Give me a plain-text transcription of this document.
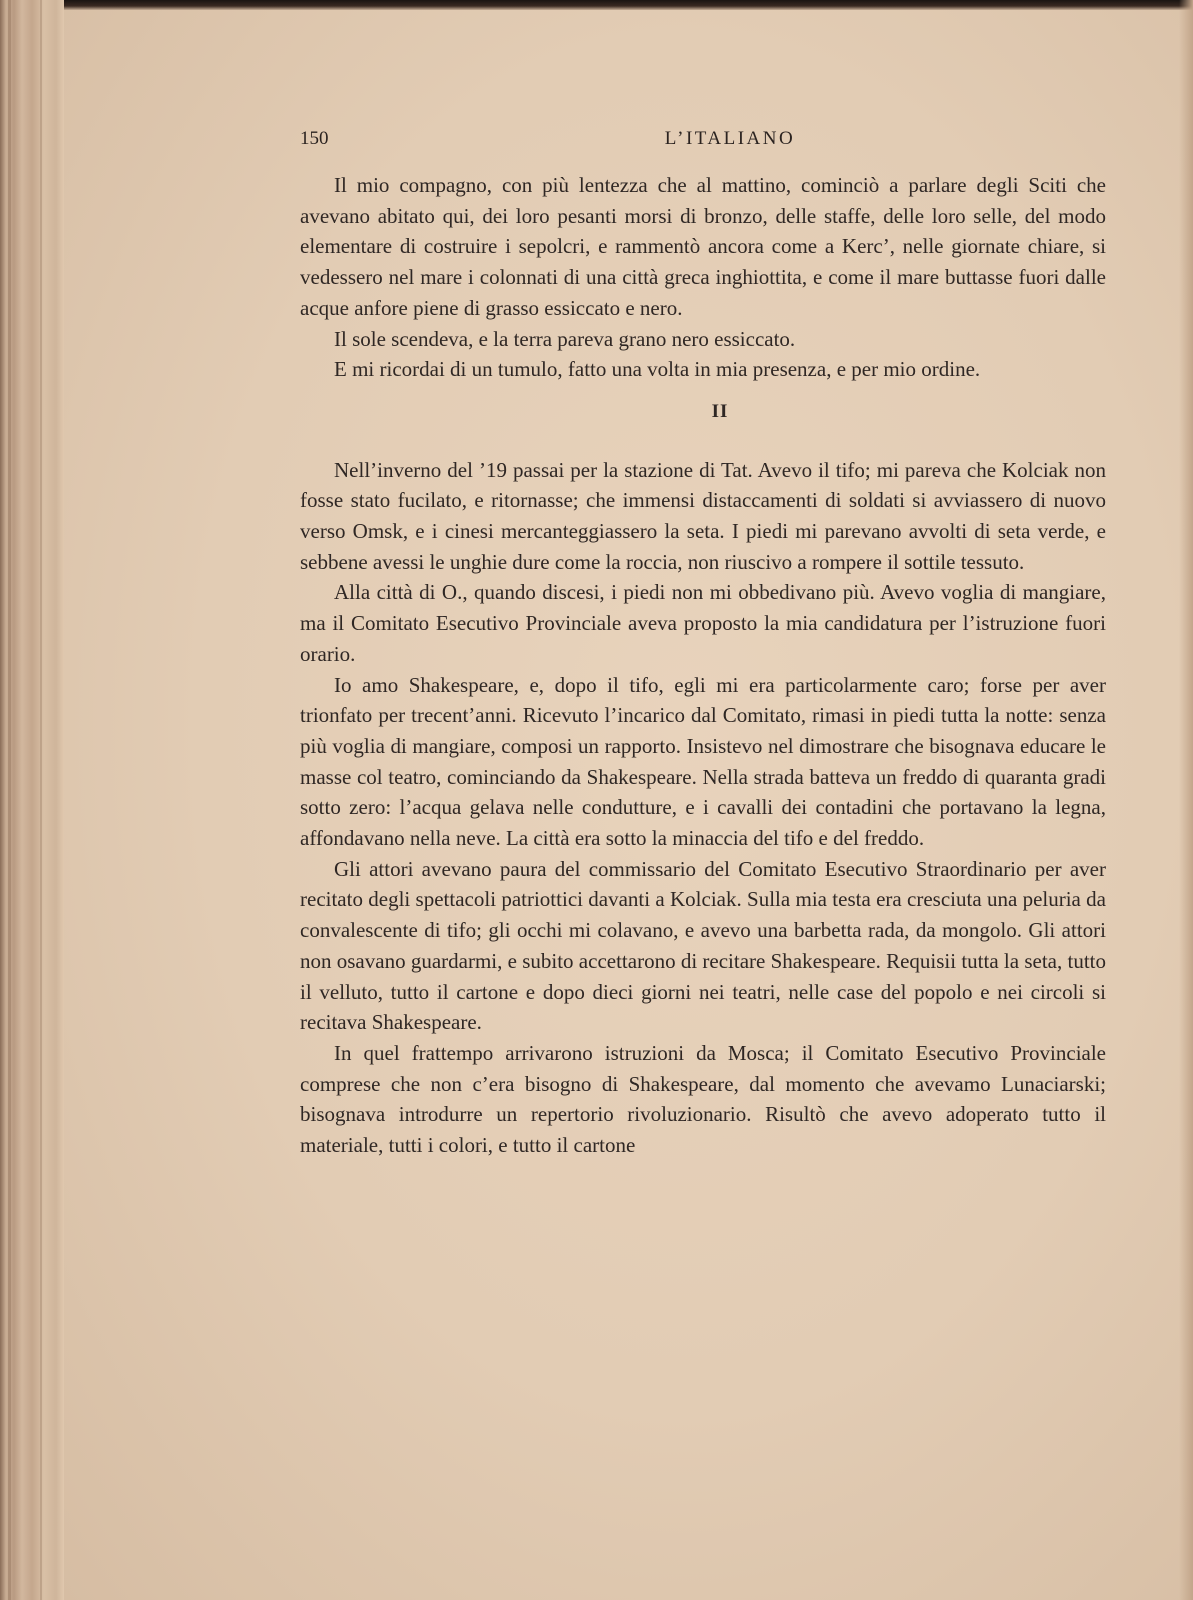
150	L’ITALIANO

Il mio compagno, con più lentezza che al mattino, cominciò a parlare degli Sciti che avevano abitato qui, dei loro pesanti morsi di bronzo, delle staffe, delle loro selle, del modo elementare di costruire i sepolcri, e rammentò ancora come a Kerc’, nelle giornate chiare, si vedessero nel mare i colonnati di una città greca inghiottita, e come il mare buttasse fuori dalle acque anfore piene di grasso essiccato e nero.

Il sole scendeva, e la terra pareva grano nero essiccato.

E mi ricordai di un tumulo, fatto una volta in mia presenza, e per mio ordine.

II

Nell’inverno del ’19 passai per la stazione di Tat. Avevo il tifo; mi pareva che Kolciak non fosse stato fucilato, e ritornasse; che immensi distaccamenti di soldati si avviassero di nuovo verso Omsk, e i cinesi mercanteggiassero la seta. I piedi mi parevano avvolti di seta verde, e sebbene avessi le unghie dure come la roccia, non riuscivo a rompere il sottile tessuto.

Alla città di O., quando discesi, i piedi non mi obbedivano più. Avevo voglia di mangiare, ma il Comitato Esecutivo Provinciale aveva proposto la mia candidatura per l’istruzione fuori orario.

Io amo Shakespeare, e, dopo il tifo, egli mi era particolarmente caro; forse per aver trionfato per trecent’anni. Ricevuto l’incarico dal Comitato, rimasi in piedi tutta la notte: senza più voglia di mangiare, composi un rapporto. Insistevo nel dimostrare che bisognava educare le masse col teatro, cominciando da Shakespeare. Nella strada batteva un freddo di quaranta gradi sotto zero: l’acqua gelava nelle condutture, e i cavalli dei contadini che portavano la legna, affondavano nella neve. La città era sotto la minaccia del tifo e del freddo.

Gli attori avevano paura del commissario del Comitato Esecutivo Straordinario per aver recitato degli spettacoli patriottici davanti a Kolciak. Sulla mia testa era cresciuta una peluria da convalescente di tifo; gli occhi mi colavano, e avevo una barbetta rada, da mongolo. Gli attori non osavano guardarmi, e subito accettarono di recitare Shakespeare. Requisii tutta la seta, tutto il velluto, tutto il cartone e dopo dieci giorni nei teatri, nelle case del popolo e nei circoli si recitava Shakespeare.

In quel frattempo arrivarono istruzioni da Mosca; il Comitato Esecutivo Provinciale comprese che non c’era bisogno di Shakespeare, dal momento che avevamo Lunaciarski; bisognava introdurre un repertorio rivoluzionario. Risultò che avevo adoperato tutto il materiale, tutti i colori, e tutto il cartone
